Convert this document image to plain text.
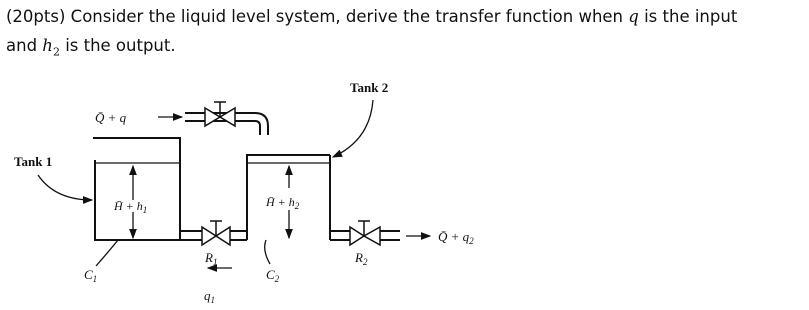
(20pts) Consider the liquid level system, derive the transfer function when q is the input
and $h_2$ is the output.
Tank 1
Tank 2
Q̄ + q
H̄ + $h_1$
H̄ + $h_2$
Q̄ + $q_2$
$R_1$	$R_2$
$C_1$	$C_2$
$q_1$
